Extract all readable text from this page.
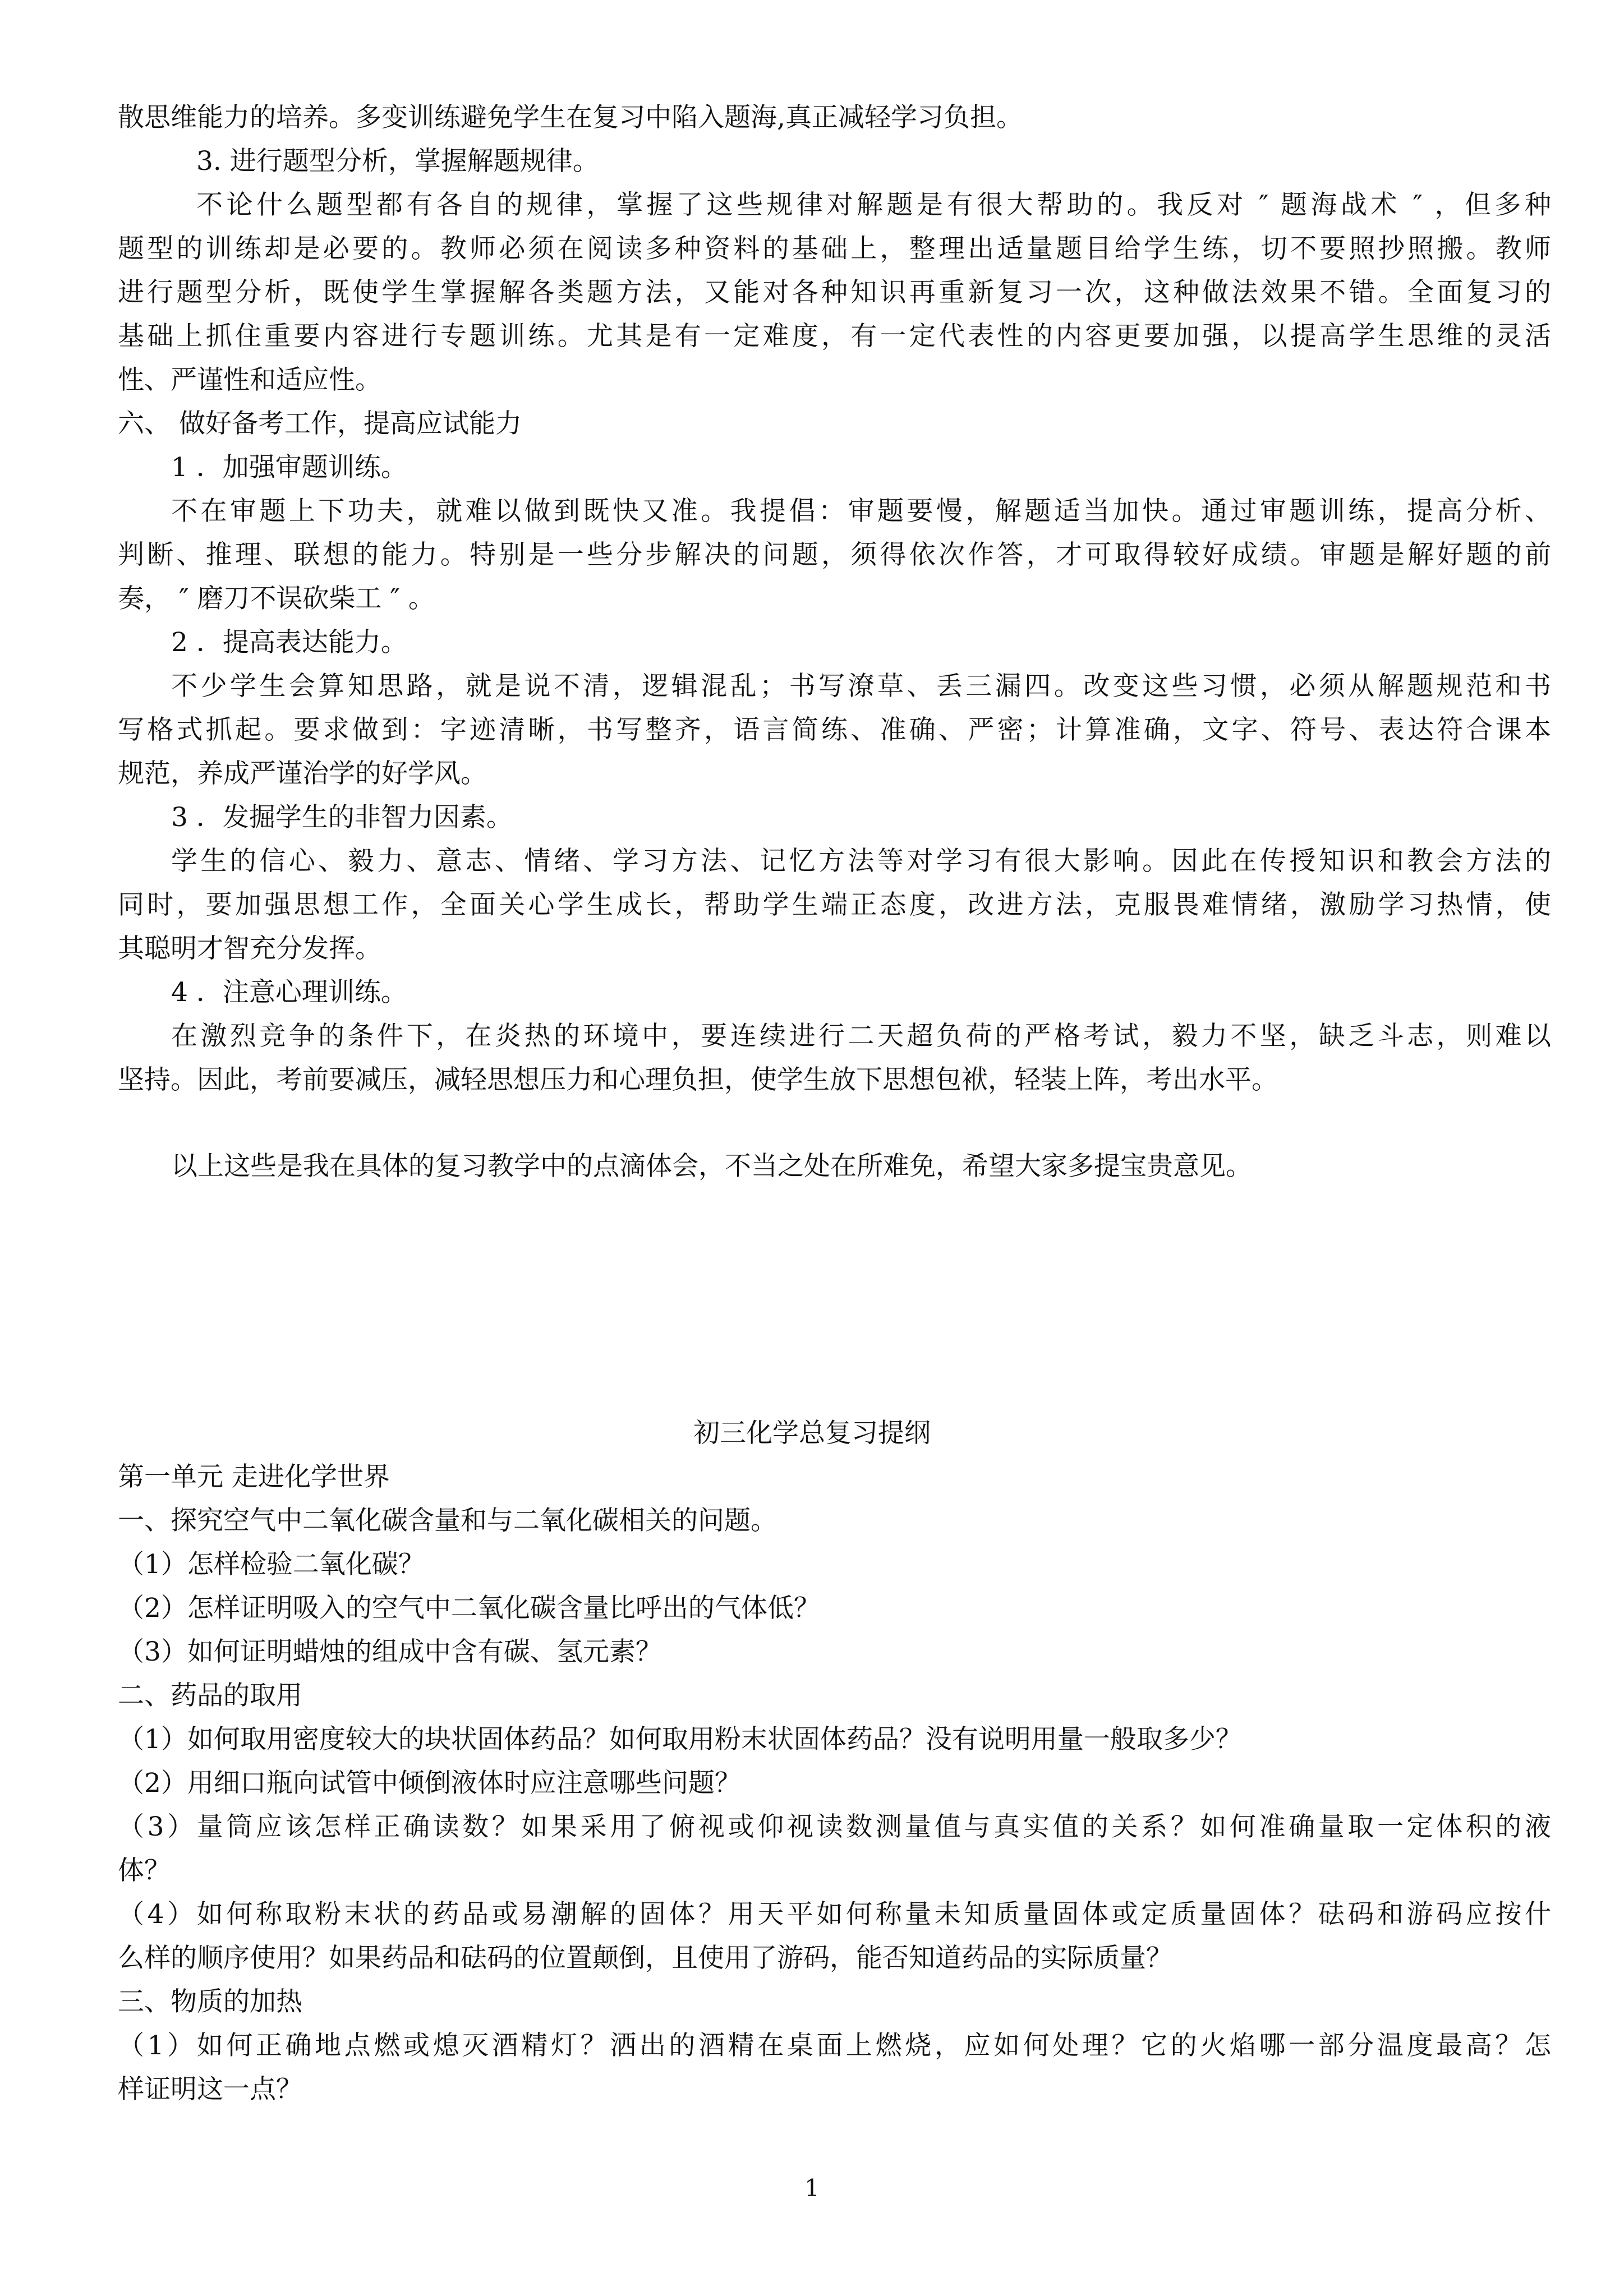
散思维能力的培养。多变训练避免学生在复习中陷入题海,真正减轻学习负担。

3. 进行题型分析，掌握解题规律。

不论什么题型都有各自的规律，掌握了这些规律对解题是有很大帮助的。我反对 ″ 题海战术 ″ ，但多种

题型的训练却是必要的。教师必须在阅读多种资料的基础上，整理出适量题目给学生练，切不要照抄照搬。教师

进行题型分析，既使学生掌握解各类题方法，又能对各种知识再重新复习一次，这种做法效果不错。全面复习的

基础上抓住重要内容进行专题训练。尤其是有一定难度，有一定代表性的内容更要加强，以提高学生思维的灵活

性、严谨性和适应性。

六、 做好备考工作，提高应试能力

1 ．加强审题训练。

不在审题上下功夫，就难以做到既快又准。我提倡：审题要慢，解题适当加快。通过审题训练，提高分析、

判断、推理、联想的能力。特别是一些分步解决的问题，须得依次作答，才可取得较好成绩。审题是解好题的前

奏， ″ 磨刀不误砍柴工 ″ 。

2 ．提高表达能力。

不少学生会算知思路，就是说不清，逻辑混乱；书写潦草、丢三漏四。改变这些习惯，必须从解题规范和书

写格式抓起。要求做到：字迹清晰，书写整齐，语言简练、准确、严密；计算准确，文字、符号、表达符合课本

规范，养成严谨治学的好学风。

3 ．发掘学生的非智力因素。

学生的信心、毅力、意志、情绪、学习方法、记忆方法等对学习有很大影响。因此在传授知识和教会方法的

同时，要加强思想工作，全面关心学生成长，帮助学生端正态度，改进方法，克服畏难情绪，激励学习热情，使

其聪明才智充分发挥。

4 ．注意心理训练。

在激烈竞争的条件下，在炎热的环境中，要连续进行二天超负荷的严格考试，毅力不坚，缺乏斗志，则难以

坚持。因此，考前要减压，减轻思想压力和心理负担，使学生放下思想包袱，轻装上阵，考出水平。

以上这些是我在具体的复习教学中的点滴体会，不当之处在所难免，希望大家多提宝贵意见。

初三化学总复习提纲

第一单元 走进化学世界

一、探究空气中二氧化碳含量和与二氧化碳相关的问题。

（1）怎样检验二氧化碳？

（2）怎样证明吸入的空气中二氧化碳含量比呼出的气体低？

（3）如何证明蜡烛的组成中含有碳、氢元素？

二、药品的取用

（1）如何取用密度较大的块状固体药品？如何取用粉末状固体药品？没有说明用量一般取多少？

（2）用细口瓶向试管中倾倒液体时应注意哪些问题？

（3）量筒应该怎样正确读数？如果采用了俯视或仰视读数测量值与真实值的关系？如何准确量取一定体积的液

体？

（4）如何称取粉末状的药品或易潮解的固体？用天平如何称量未知质量固体或定质量固体？砝码和游码应按什

么样的顺序使用？如果药品和砝码的位置颠倒，且使用了游码，能否知道药品的实际质量？

三、物质的加热

（1）如何正确地点燃或熄灭酒精灯？洒出的酒精在桌面上燃烧，应如何处理？它的火焰哪一部分温度最高？怎

样证明这一点？

1
